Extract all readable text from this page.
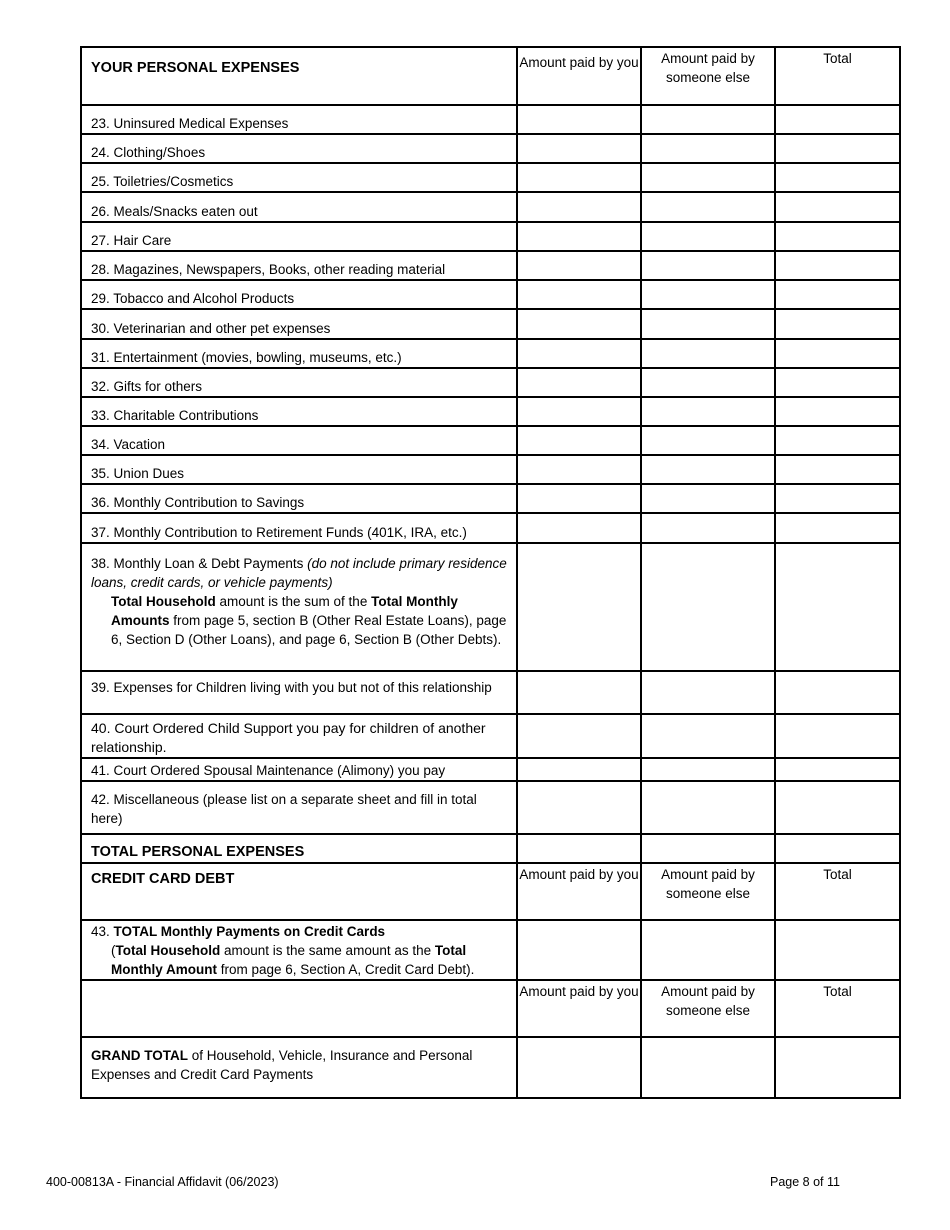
YOUR PERSONAL EXPENSES	Amount paid by you	Amount paid by someone else	Total
23. Uninsured Medical Expenses			
24. Clothing/Shoes			
25. Toiletries/Cosmetics			
26. Meals/Snacks eaten out			
27. Hair Care			
28. Magazines, Newspapers, Books, other reading material			
29. Tobacco and Alcohol Products			
30. Veterinarian and other pet expenses			
31. Entertainment (movies, bowling, museums, etc.)			
32. Gifts for others			
33. Charitable Contributions			
34. Vacation			
35. Union Dues			
36. Monthly Contribution to Savings			
37. Monthly Contribution to Retirement Funds (401K, IRA, etc.)			

38. Monthly Loan & Debt Payments (do not include primary residence loans, credit cards, or vehicle payments)
Total Household amount is the sum of the Total Monthly Amounts from page 5, section B (Other Real Estate Loans), page 6, Section D (Other Loans), and page 6, Section B (Other Debts).			

39. Expenses for Children living with you but not of this relationship			
40. Court Ordered Child Support you pay for children of another relationship.			
41. Court Ordered Spousal Maintenance (Alimony) you pay			
42. Miscellaneous (please list on a separate sheet and fill in total here)			
TOTAL PERSONAL EXPENSES			
CREDIT CARD DEBT	Amount paid by you	Amount paid by someone else	Total

43. TOTAL Monthly Payments on Credit Cards
(Total Household amount is the same amount as the Total Monthly Amount from page 6, Section A, Credit Card Debt).			

	Amount paid by you	Amount paid by someone else	Total
GRAND TOTAL of Household, Vehicle, Insurance and Personal Expenses and Credit Card Payments			
400-00813A - Financial Affidavit (06/2023)	Page 8 of 11
